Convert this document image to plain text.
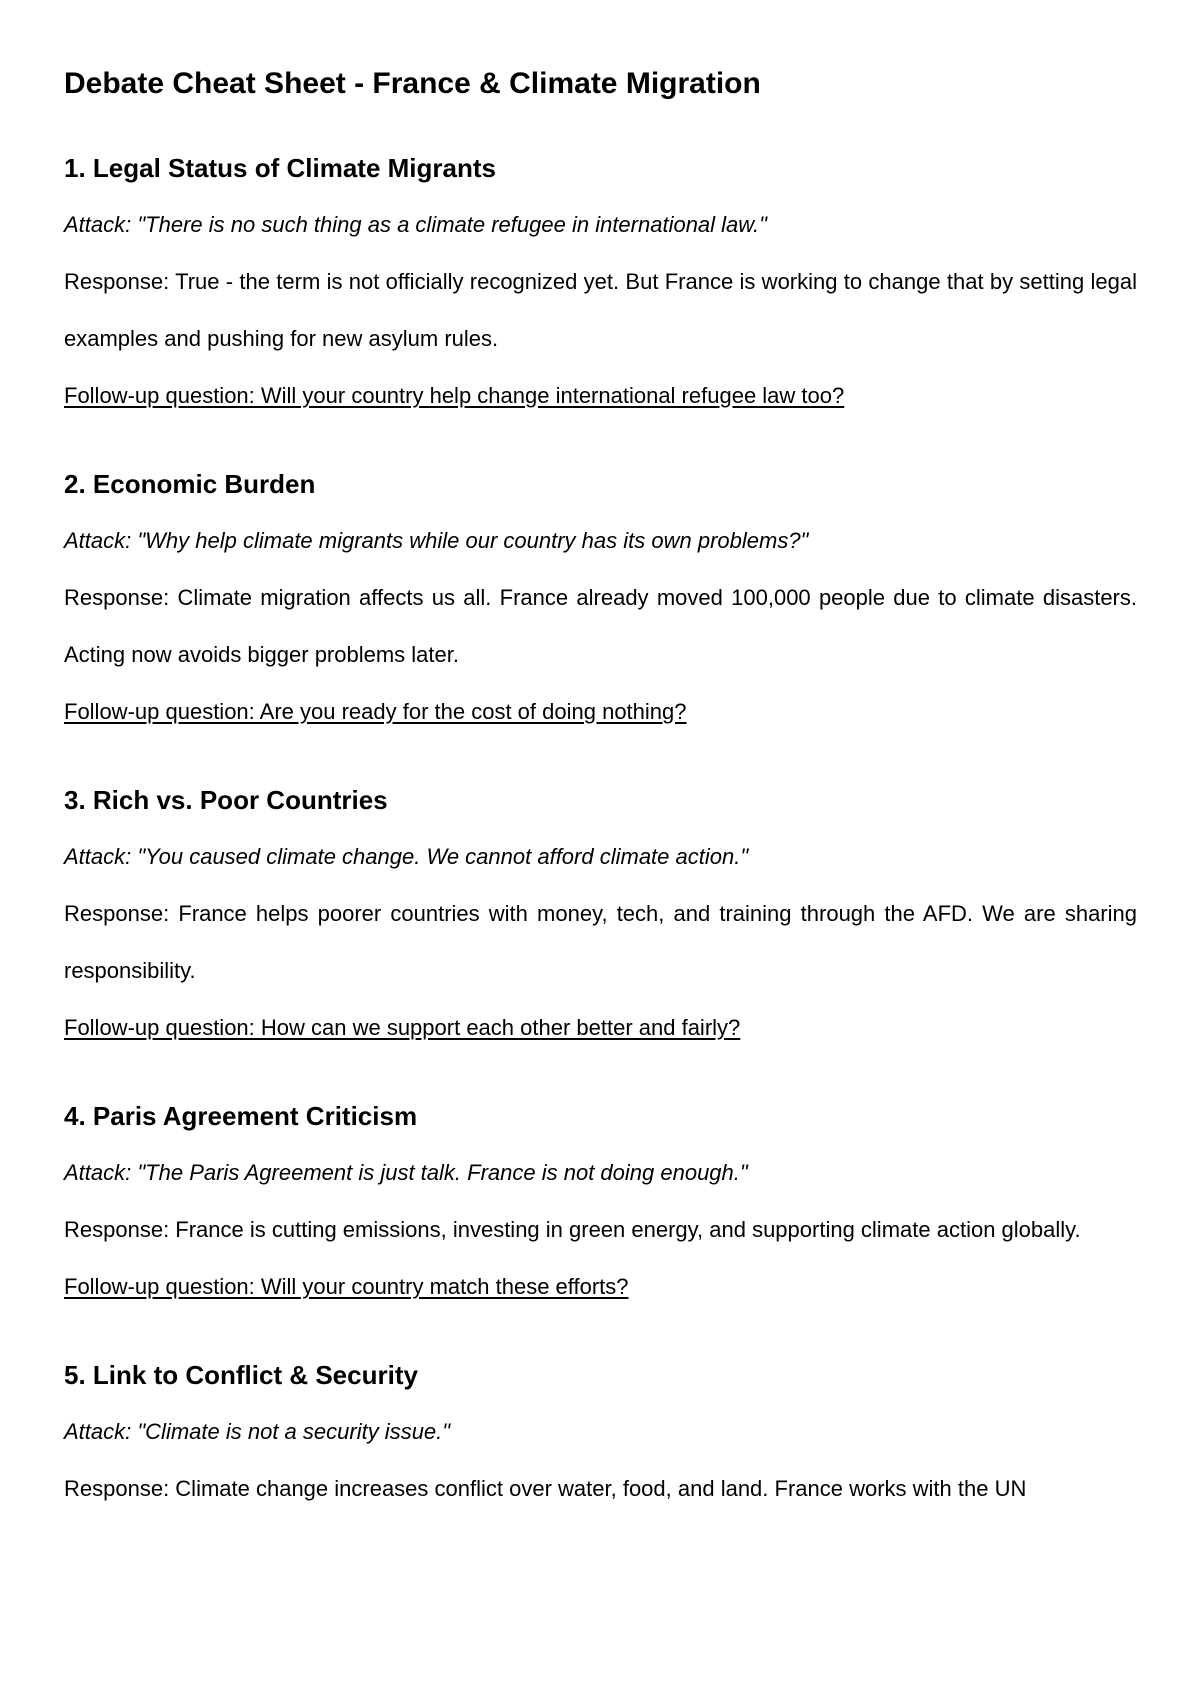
Debate Cheat Sheet - France & Climate Migration
1. Legal Status of Climate Migrants

Attack: "There is no such thing as a climate refugee in international law."

Response: True - the term is not officially recognized yet. But France is working to change that by setting legal examples and pushing for new asylum rules.

Follow-up question: Will your country help change international refugee law too?

2. Economic Burden

Attack: "Why help climate migrants while our country has its own problems?"

Response: Climate migration affects us all. France already moved 100,000 people due to climate disasters. Acting now avoids bigger problems later.

Follow-up question: Are you ready for the cost of doing nothing?

3. Rich vs. Poor Countries

Attack: "You caused climate change. We cannot afford climate action."

Response: France helps poorer countries with money, tech, and training through the AFD. We are sharing responsibility.

Follow-up question: How can we support each other better and fairly?

4. Paris Agreement Criticism

Attack: "The Paris Agreement is just talk. France is not doing enough."

Response: France is cutting emissions, investing in green energy, and supporting climate action globally.

Follow-up question: Will your country match these efforts?

5. Link to Conflict & Security

Attack: "Climate is not a security issue."

Response: Climate change increases conflict over water, food, and land. France works with the UN
